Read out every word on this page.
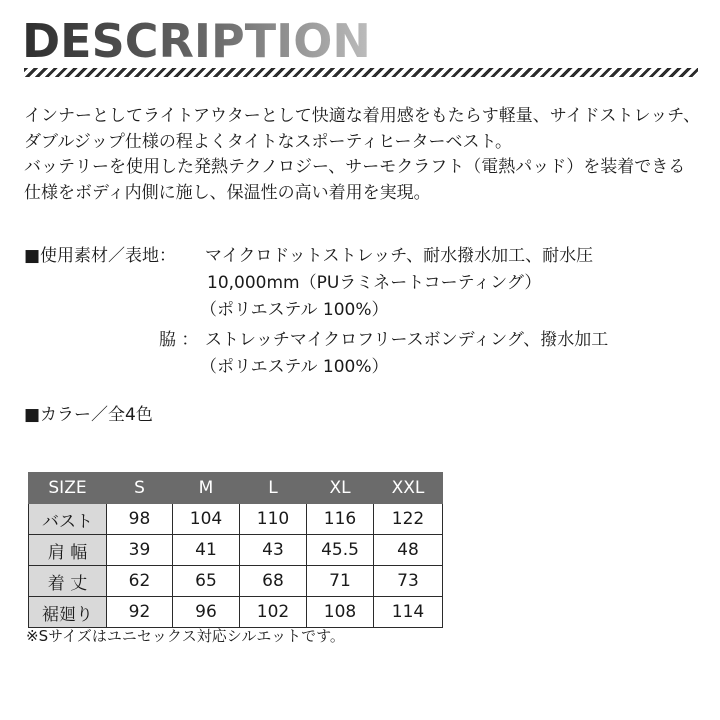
DESCRIPTION
インナーとしてライトアウターとして快適な着用感をもたらす軽量、サイドストレッチ、
ダブルジップ仕様の程よくタイトなスポーティヒーターベスト。
バッテリーを使用した発熱テクノロジー、サーモクラフト（電熱パッド）を装着できる
仕様をボディ内側に施し、保温性の高い着用を実現。
■使用素材／表地： マイクロドットストレッチ、耐水撥水加工、耐水圧
10,000mm（PUラミネートコーティング）
（ポリエステル 100%）
脇 ： ストレッチマイクロフリースボンディング、撥水加工
（ポリエステル 100%）
■カラー／全4色
SIZE	S	M	L	XL	XXL
バスト	98	104	110	116	122
肩 幅	39	41	43	45.5	48
着 丈	62	65	68	71	73
裾廻り	92	96	102	108	114
※Sサイズはユニセックス対応シルエットです。
